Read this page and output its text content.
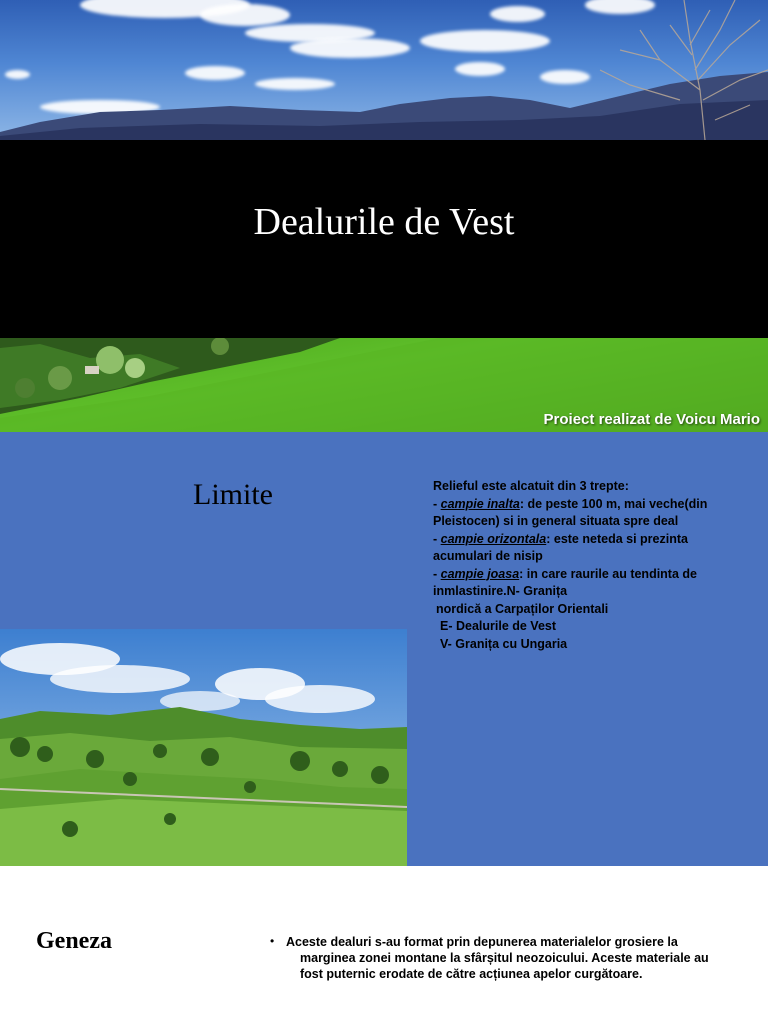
Dealurile de Vest
Proiect realizat de Voicu Mario
Limite	Relieful este alcatuit din 3 trepte:
- campie inalta: de peste 100 m, mai veche(din Pleistocen) si in general situata spre deal
- campie orizontala: este neteda si prezinta acumulari de nisip
- campie joasa: in care raurile au tendinta de inmlastinire.N- Granița
nordică a Carpaților Orientali
E- Dealurile de Vest
V- Granița cu Ungaria
Geneza	• Aceste dealuri s-au format prin depunerea materialelor grosiere la
marginea zonei montane la sfârșitul neozoicului. Aceste materiale au
fost puternic erodate de către acțiunea apelor curgătoare.
